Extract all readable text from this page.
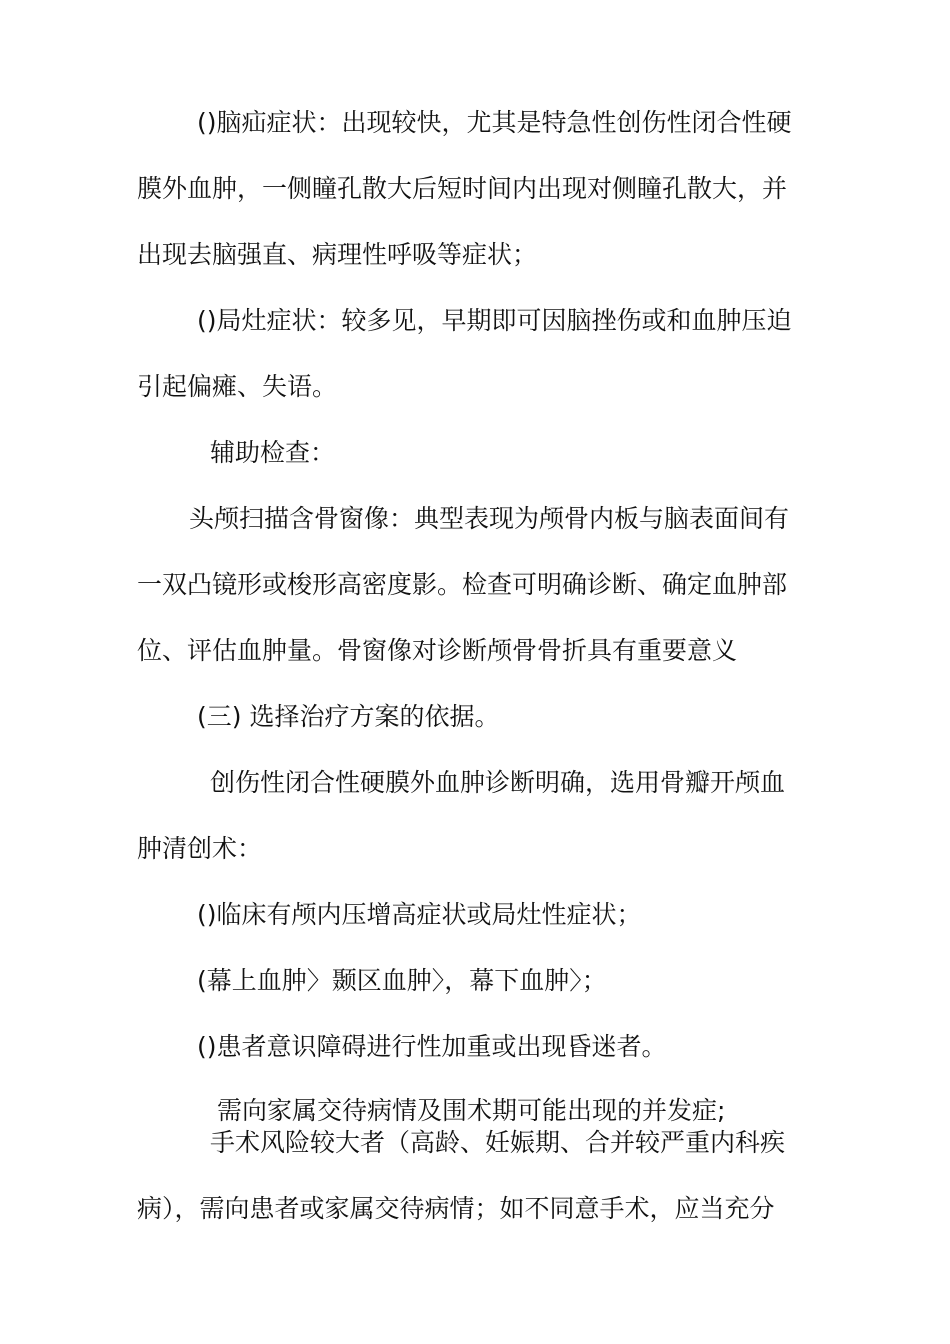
()脑疝症状：出现较快，尤其是特急性创伤性闭合性硬
膜外血肿，一侧瞳孔散大后短时间内出现对侧瞳孔散大，并
出现去脑强直、病理性呼吸等症状；
()局灶症状：较多见，早期即可因脑挫伤或和血肿压迫
引起偏瘫、失语。
辅助检查：
头颅扫描含骨窗像：典型表现为颅骨内板与脑表面间有
一双凸镜形或梭形高密度影。检查可明确诊断、确定血肿部
位、评估血肿量。骨窗像对诊断颅骨骨折具有重要意义
(三) 选择治疗方案的依据。
创伤性闭合性硬膜外血肿诊断明确，选用骨瓣开颅血
肿清创术：
()临床有颅内压增高症状或局灶性症状；
(幕上血肿〉颞区血肿〉，幕下血肿〉；
()患者意识障碍进行性加重或出现昏迷者。
需向家属交待病情及围术期可能出现的并发症;
手术风险较大者（高龄、妊娠期、合并较严重内科疾
病），需向患者或家属交待病情；如不同意手术，应当充分
